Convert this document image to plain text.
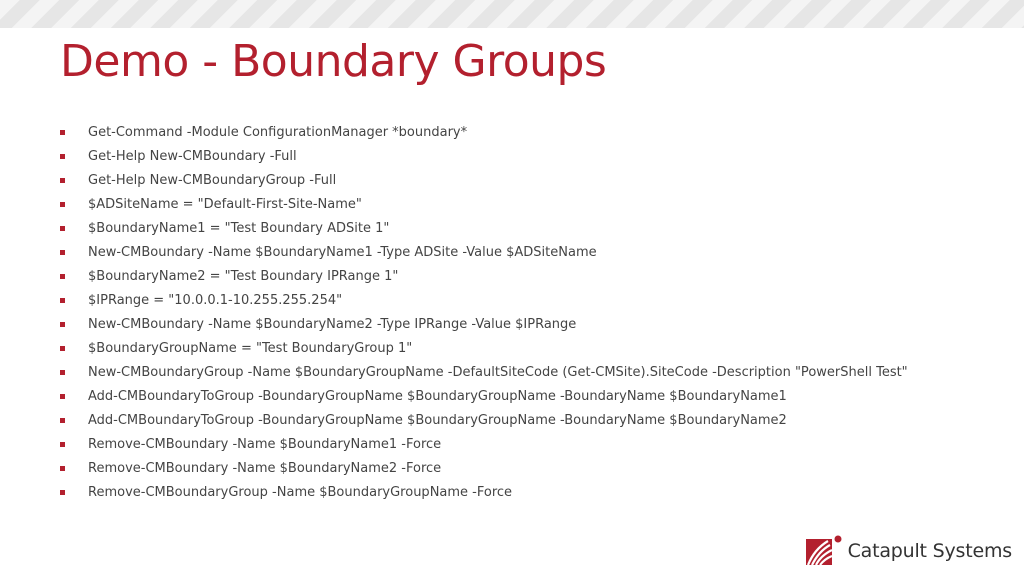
Demo - Boundary Groups
Get-Command -Module ConfigurationManager *boundary*
Get-Help New-CMBoundary -Full
Get-Help New-CMBoundaryGroup -Full
$ADSiteName = "Default-First-Site-Name"
$BoundaryName1 = "Test Boundary ADSite 1"
New-CMBoundary -Name $BoundaryName1 -Type ADSite -Value $ADSiteName
$BoundaryName2 = "Test Boundary IPRange 1"
$IPRange = "10.0.0.1-10.255.255.254"
New-CMBoundary -Name $BoundaryName2 -Type IPRange -Value $IPRange
$BoundaryGroupName = "Test BoundaryGroup 1"
New-CMBoundaryGroup -Name $BoundaryGroupName -DefaultSiteCode (Get-CMSite).SiteCode -Description "PowerShell Test"
Add-CMBoundaryToGroup -BoundaryGroupName $BoundaryGroupName -BoundaryName $BoundaryName1
Add-CMBoundaryToGroup -BoundaryGroupName $BoundaryGroupName -BoundaryName $BoundaryName2
Remove-CMBoundary -Name $BoundaryName1 -Force
Remove-CMBoundary -Name $BoundaryName2 -Force
Remove-CMBoundaryGroup -Name $BoundaryGroupName -Force
Catapult Systems
